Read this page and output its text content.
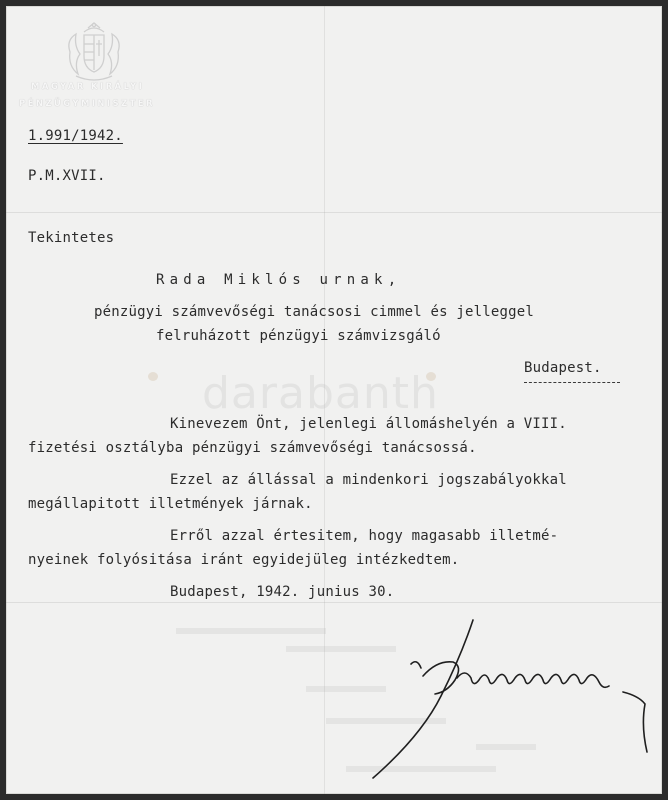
MAGYAR KIRÁLYI
PÉNZÜGYMINISZTER
1.991/1942.
P.M.XVII.
Tekintetes
Rada Miklós urnak,
pénzügyi számvevőségi tanácsosi cimmel és jelleggel
felruházott pénzügyi számvizsgáló
Budapest.
darabanth
Kinevezem Önt, jelenlegi állomáshelyén a VIII.
fizetési osztályba pénzügyi számvevőségi tanácsossá.
Ezzel az állással a mindenkori jogszabályokkal
megállapitott illetmények járnak.
Erről azzal értesitem, hogy magasabb illetmé-
nyeinek folyósitása iránt egyidejüleg intézkedtem.
Budapest, 1942. junius 30.
